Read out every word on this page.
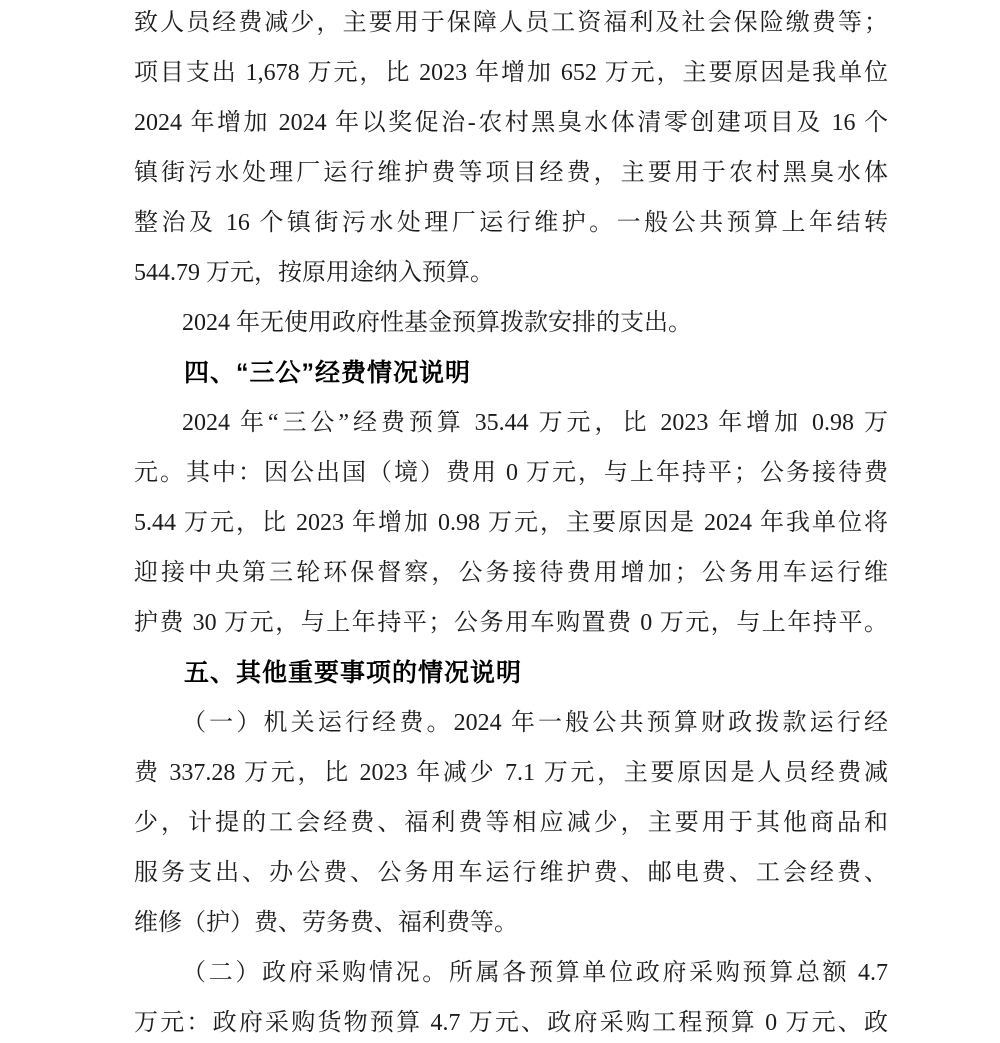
致人员经费减少，主要用于保障人员工资福利及社会保险缴费等；
项目支出 1,678 万元，比 2023 年增加 652 万元，主要原因是我单位
2024 年增加 2024 年以奖促治-农村黑臭水体清零创建项目及 16 个
镇街污水处理厂运行维护费等项目经费，主要用于农村黑臭水体
整治及 16 个镇街污水处理厂运行维护。一般公共预算上年结转
544.79 万元，按原用途纳入预算。
2024 年无使用政府性基金预算拨款安排的支出。
四、“三公”经费情况说明
2024 年“三公”经费预算 35.44 万元，比 2023 年增加 0.98 万
元。其中：因公出国（境）费用 0 万元，与上年持平；公务接待费
5.44 万元，比 2023 年增加 0.98 万元，主要原因是 2024 年我单位将
迎接中央第三轮环保督察，公务接待费用增加；公务用车运行维
护费 30 万元，与上年持平；公务用车购置费 0 万元，与上年持平。
五、其他重要事项的情况说明
（一）机关运行经费。2024 年一般公共预算财政拨款运行经
费 337.28 万元，比 2023 年减少 7.1 万元，主要原因是人员经费减
少，计提的工会经费、福利费等相应减少，主要用于其他商品和
服务支出、办公费、公务用车运行维护费、邮电费、工会经费、
维修（护）费、劳务费、福利费等。
（二）政府采购情况。所属各预算单位政府采购预算总额 4.7
万元：政府采购货物预算 4.7 万元、政府采购工程预算 0 万元、政
